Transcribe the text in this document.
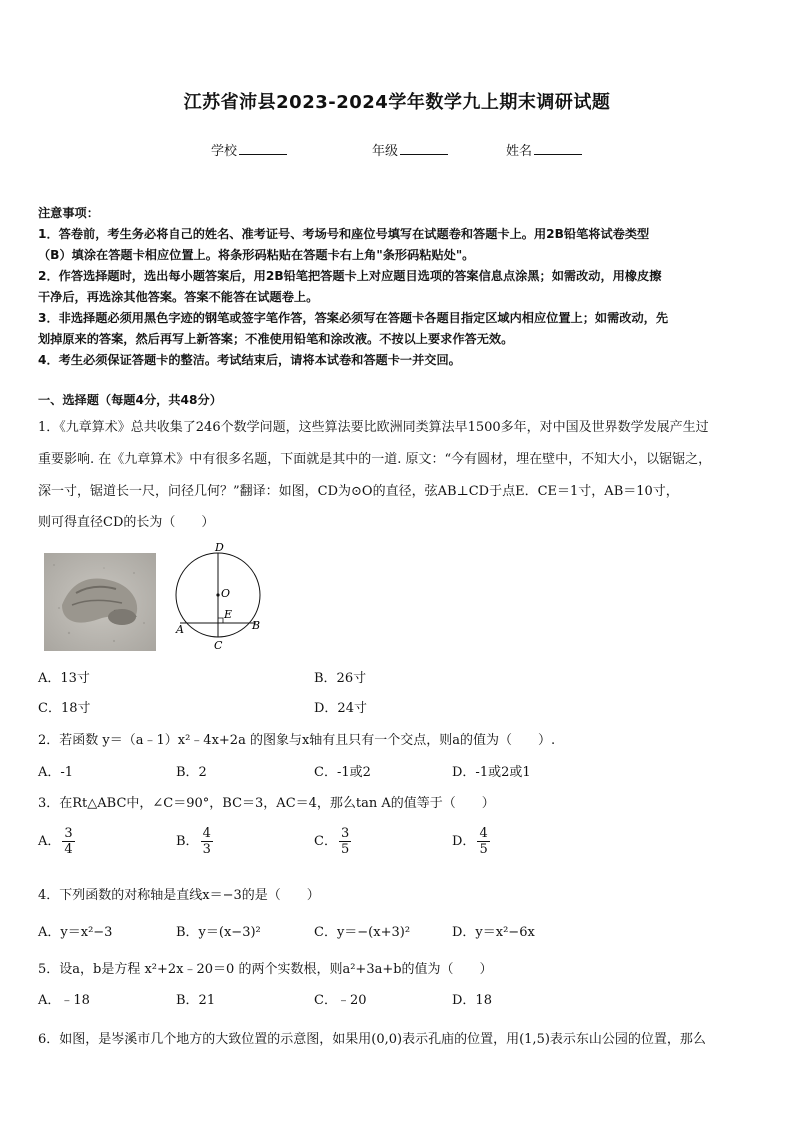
江苏省沛县2023-2024学年数学九上期末调研试题
学校	年级	姓名
注意事项：
1．答卷前，考生务必将自己的姓名、准考证号、考场号和座位号填写在试题卷和答题卡上。用2B铅笔将试卷类型
（B）填涂在答题卡相应位置上。将条形码粘贴在答题卡右上角"条形码粘贴处"。
2．作答选择题时，选出每小题答案后，用2B铅笔把答题卡上对应题目选项的答案信息点涂黑；如需改动，用橡皮擦
干净后，再选涂其他答案。答案不能答在试题卷上。
3．非选择题必须用黑色字迹的钢笔或签字笔作答，答案必须写在答题卡各题目指定区域内相应位置上；如需改动，先
划掉原来的答案，然后再写上新答案；不准使用铅笔和涂改液。不按以上要求作答无效。
4．考生必须保证答题卡的整洁。考试结束后，请将本试卷和答题卡一并交回。
一、选择题（每题4分，共48分）
1．《九章算术》总共收集了246个数学问题，这些算法要比欧洲同类算法早1500多年，对中国及世界数学发展产生过
重要影响. 在《九章算术》中有很多名题，下面就是其中的一道. 原文：“今有圆材，埋在壁中，不知大小，以锯锯之，
深一寸，锯道长一尺，问径几何？”翻译：如图，CD为⊙O的直径，弦AB⊥CD于点E．CE＝1寸，AB＝10寸，
则可得直径CD的长为（　　）
D
O
E
A	B
C
A．13寸	B．26寸
C．18寸	D．24寸
2．若函数 y＝（a﹣1）x²﹣4x+2a 的图象与x轴有且只有一个交点，则a的值为（　　）.
A．-1	B．2	C．-1或2	D．-1或2或1
3．在Rt△ABC中，∠C＝90°，BC＝3，AC＝4，那么tan A的值等于（　　）
A． $\frac{3}{4}$	B． $\frac{4}{3}$	C． $\frac{3}{5}$	D． $\frac{4}{5}$
4．下列函数的对称轴是直线x＝−3的是（　　）
A．y＝x²−3	B．y＝(x−3)²	C．y＝−(x+3)²	D．y＝x²−6x
5．设a，b是方程 x²+2x﹣20＝0 的两个实数根，则a²+3a+b的值为（　　）
A．﹣18	B．21	C．﹣20	D．18
6．如图，是岑溪市几个地方的大致位置的示意图，如果用(0,0)表示孔庙的位置，用(1,5)表示东山公园的位置，那么
